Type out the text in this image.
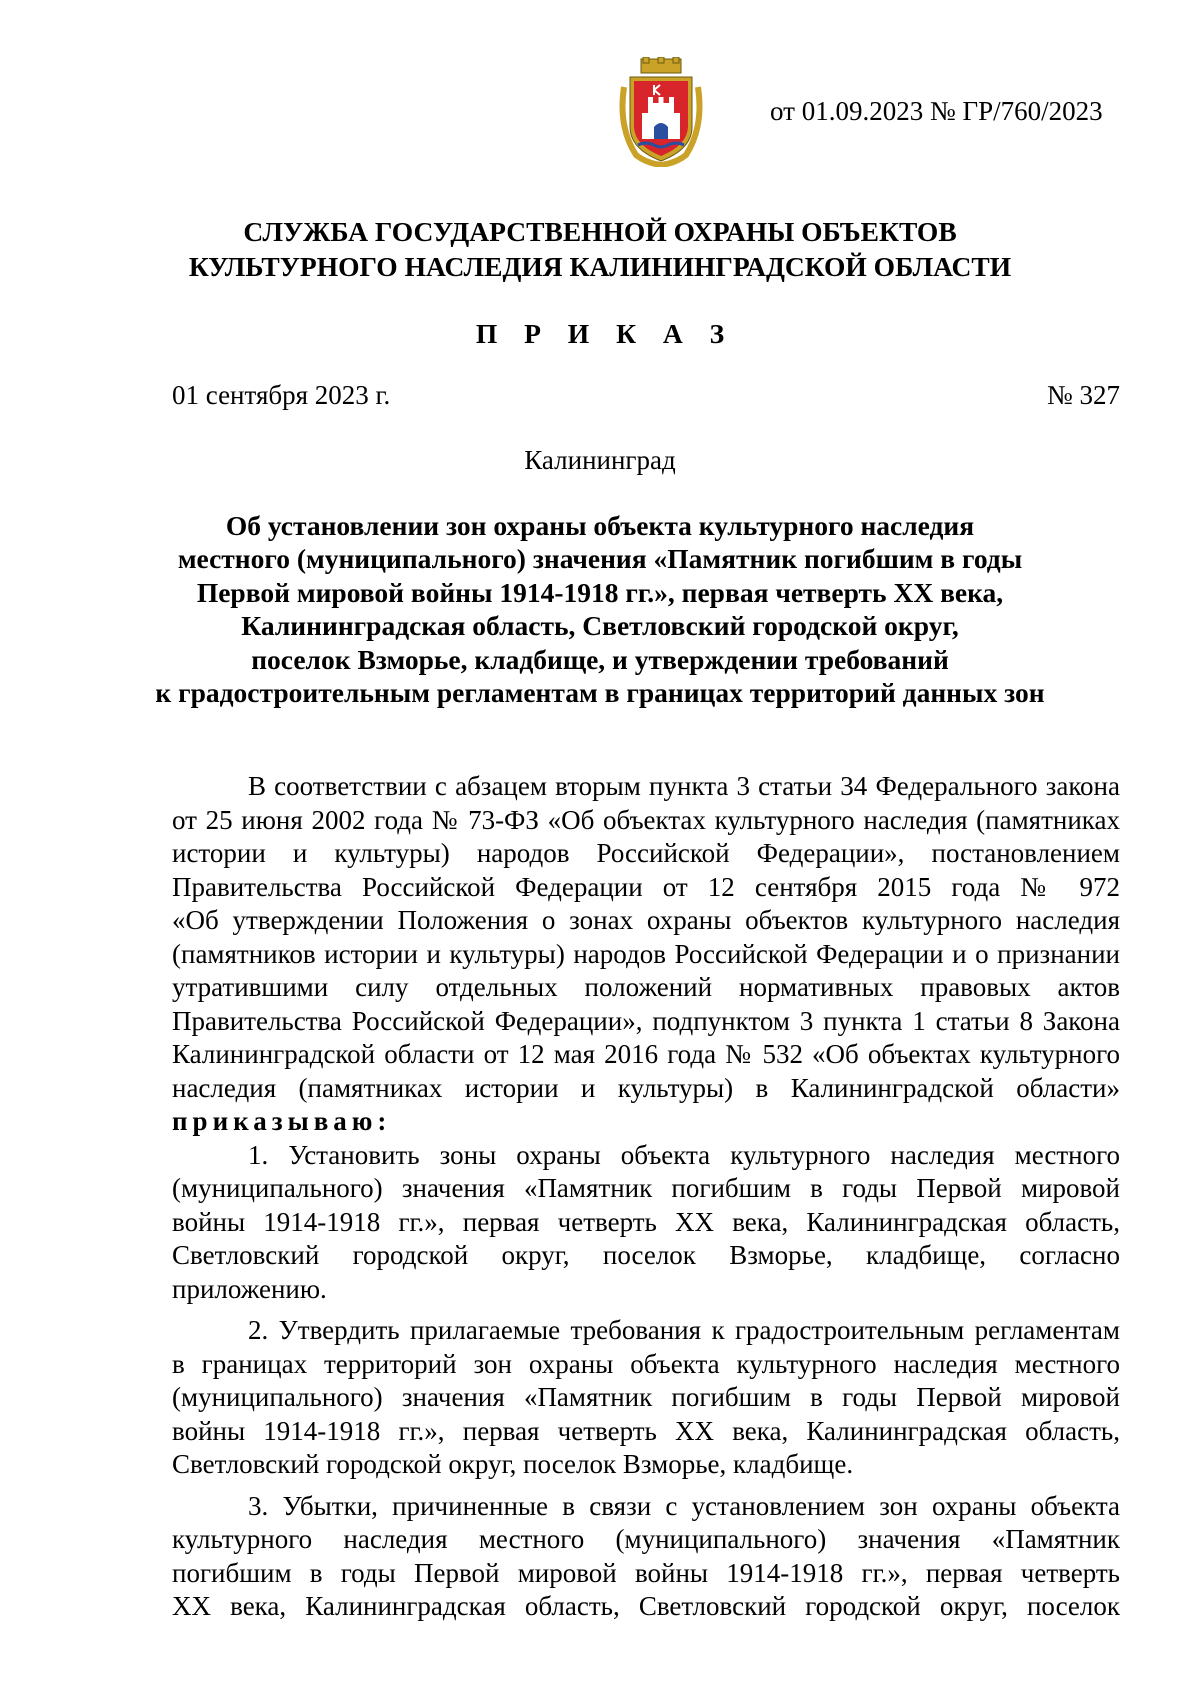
от 01.09.2023 № ГР/760/2023
СЛУЖБА ГОСУДАРСТВЕННОЙ ОХРАНЫ ОБЪЕКТОВ
КУЛЬТУРНОГО НАСЛЕДИЯ КАЛИНИНГРАДСКОЙ ОБЛАСТИ
П Р И К А З
01 сентября 2023 г.	№ 327
Калининград
Об установлении зон охраны объекта культурного наследия
местного (муниципального) значения «Памятник погибшим в годы
Первой мировой войны 1914-1918 гг.», первая четверть XX века,
Калининградская область, Светловский городской округ,
поселок Взморье, кладбище, и утверждении требований
к градостроительным регламентам в границах территорий данных зон

В соответствии с абзацем вторым пункта 3 статьи 34 Федерального закона

от 25 июня 2002 года № 73-ФЗ «Об объектах культурного наследия (памятниках

истории и культуры) народов Российской Федерации», постановлением

Правительства Российской Федерации от 12 сентября 2015 года № 972

«Об утверждении Положения о зонах охраны объектов культурного наследия

(памятников истории и культуры) народов Российской Федерации и о признании

утратившими силу отдельных положений нормативных правовых актов

Правительства Российской Федерации», подпунктом 3 пункта 1 статьи 8 Закона

Калининградской области от 12 мая 2016 года № 532 «Об объектах культурного

наследия (памятниках истории и культуры) в Калининградской области»

приказываю:

1. Установить зоны охраны объекта культурного наследия местного

(муниципального) значения «Памятник погибшим в годы Первой мировой

войны 1914-1918 гг.», первая четверть XX века, Калининградская область,

Светловский городской округ, поселок Взморье, кладбище, согласно

приложению.

2. Утвердить прилагаемые требования к градостроительным регламентам

в границах территорий зон охраны объекта культурного наследия местного

(муниципального) значения «Памятник погибшим в годы Первой мировой

войны 1914-1918 гг.», первая четверть XX века, Калининградская область,

Светловский городской округ, поселок Взморье, кладбище.

3. Убытки, причиненные в связи с установлением зон охраны объекта

культурного наследия местного (муниципального) значения «Памятник

погибшим в годы Первой мировой войны 1914-1918 гг.», первая четверть

XX века, Калининградская область, Светловский городской округ, поселок
